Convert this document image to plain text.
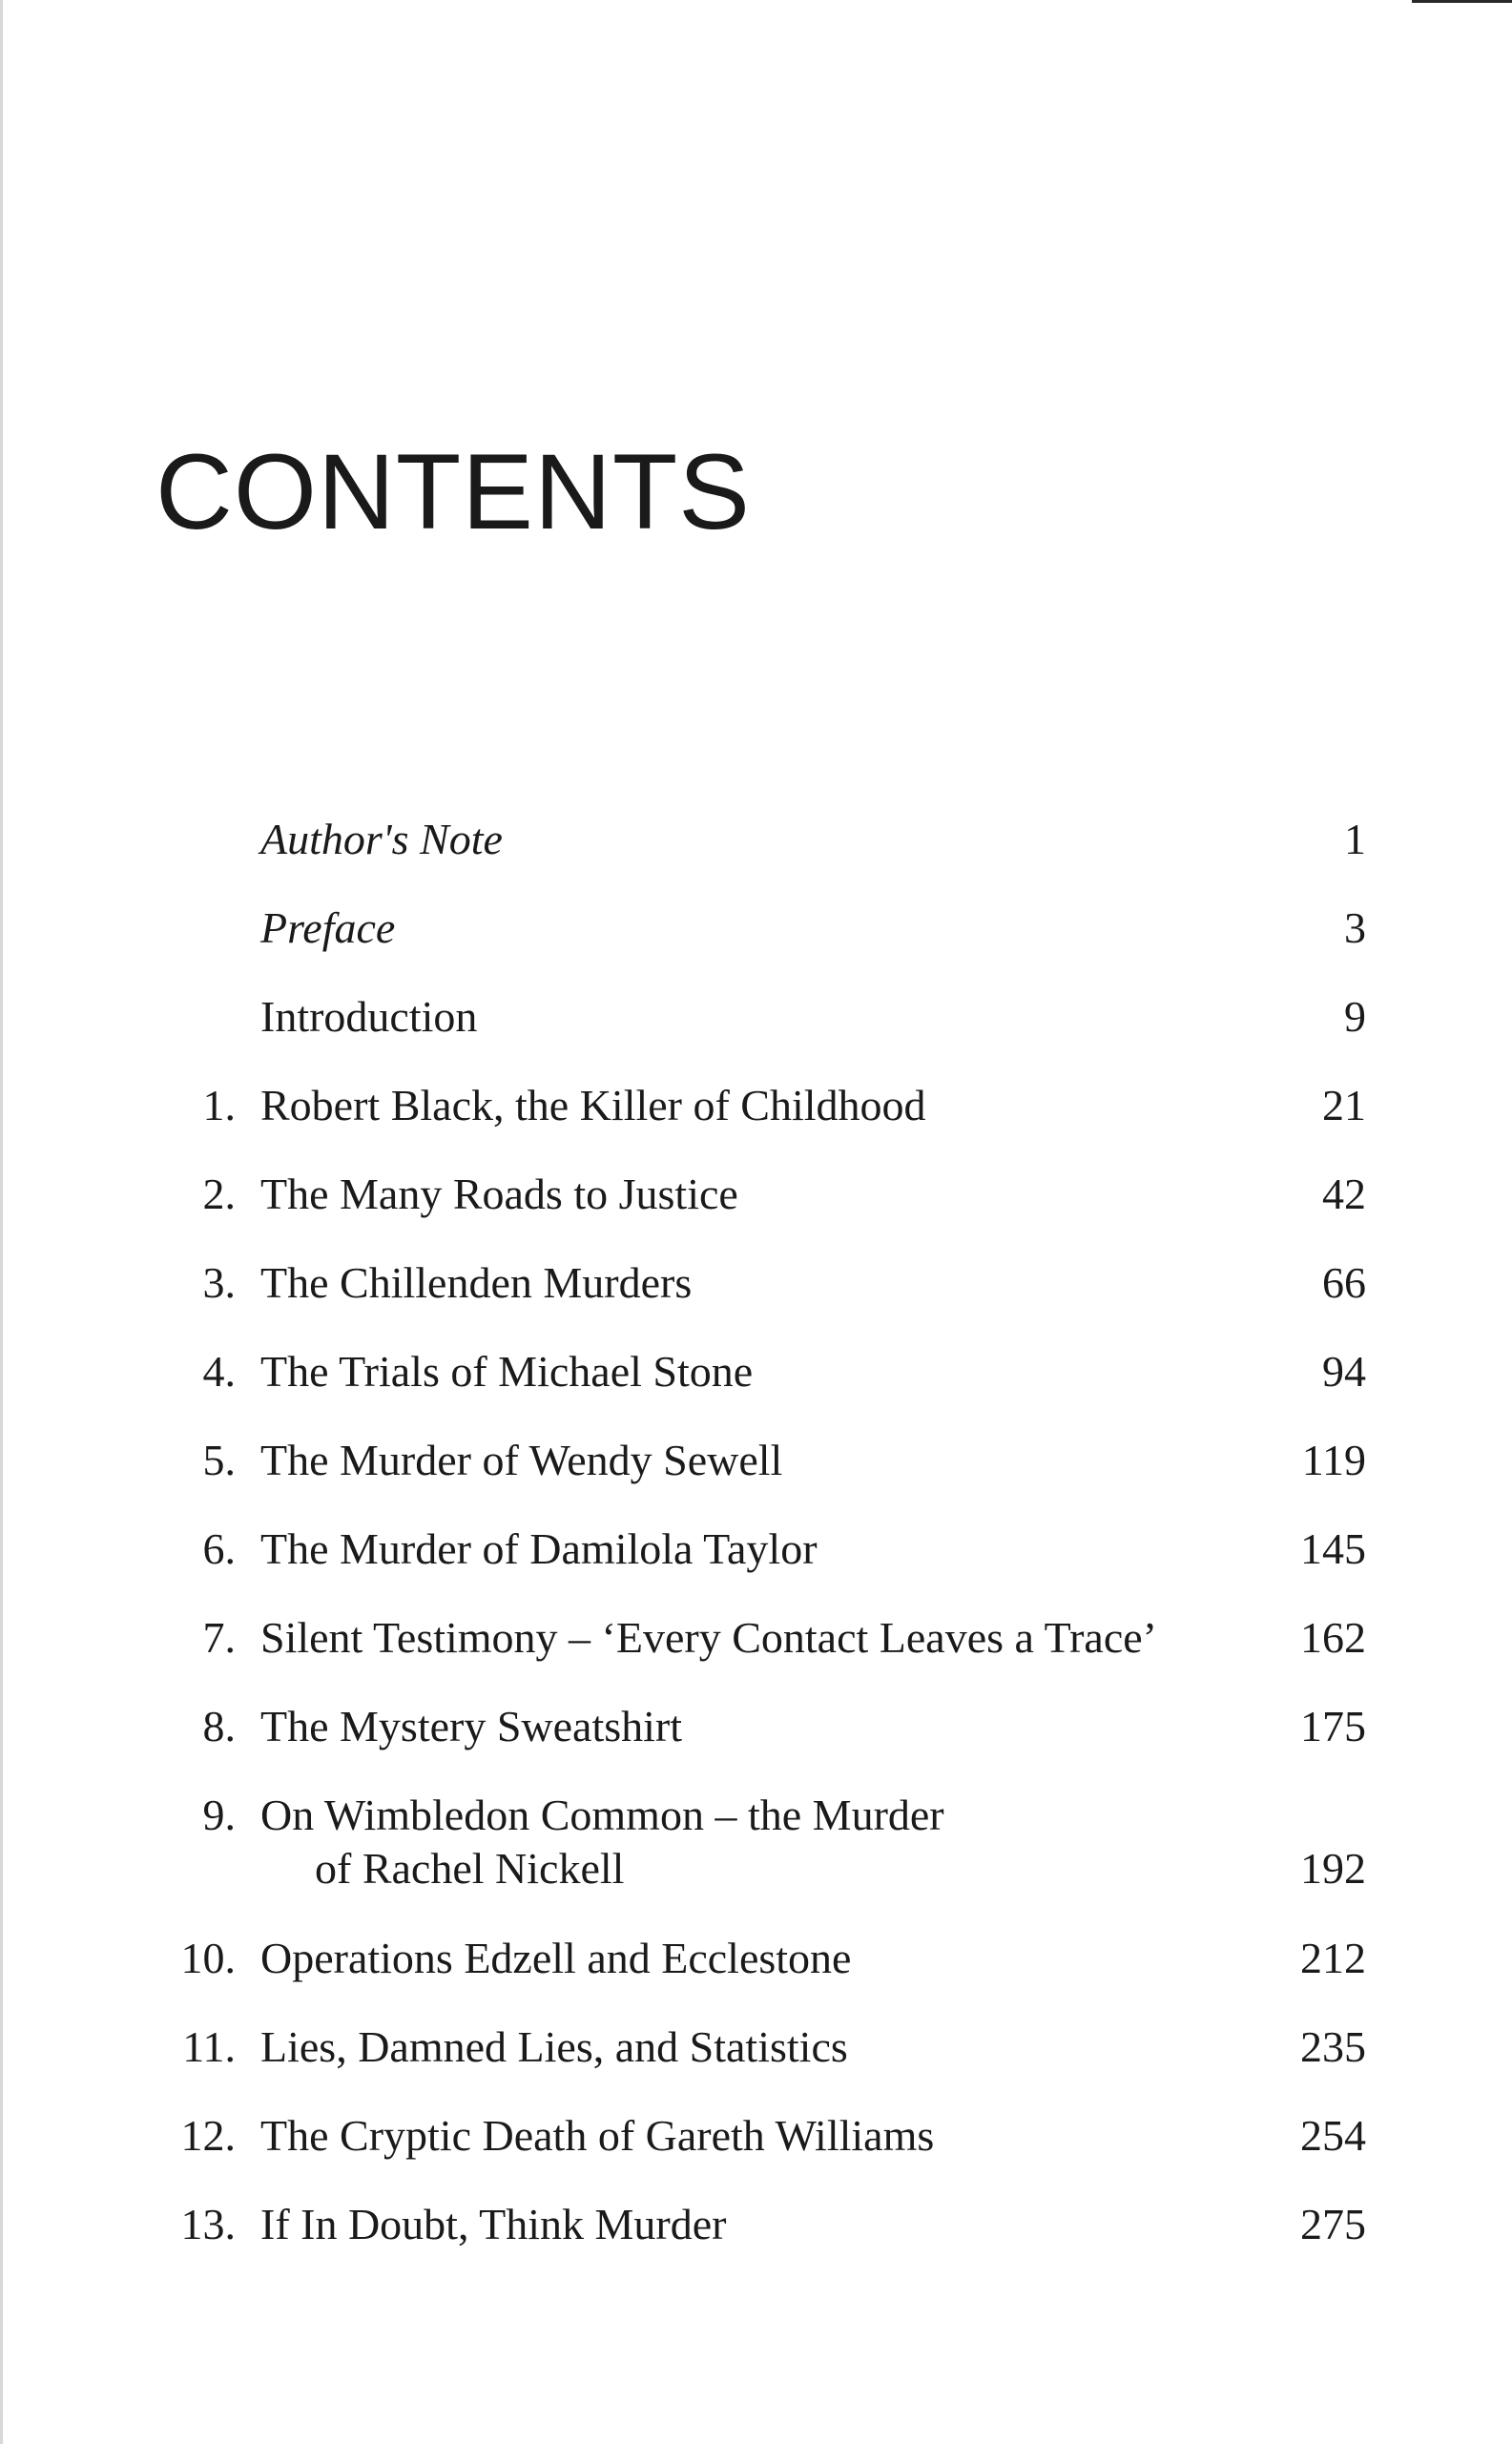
CONTENTS
Author's Note	1
Preface	3
Introduction	9
1. Robert Black, the Killer of Childhood	21
2. The Many Roads to Justice	42
3. The Chillenden Murders	66
4. The Trials of Michael Stone	94
5. The Murder of Wendy Sewell	119
6. The Murder of Damilola Taylor	145
7. Silent Testimony – ‘Every Contact Leaves a Trace’	162
8. The Mystery Sweatshirt	175
9. On Wimbledon Common – the Murder
of Rachel Nickell	192
10. Operations Edzell and Ecclestone	212
11. Lies, Damned Lies, and Statistics	235
12. The Cryptic Death of Gareth Williams	254
13. If In Doubt, Think Murder	275
